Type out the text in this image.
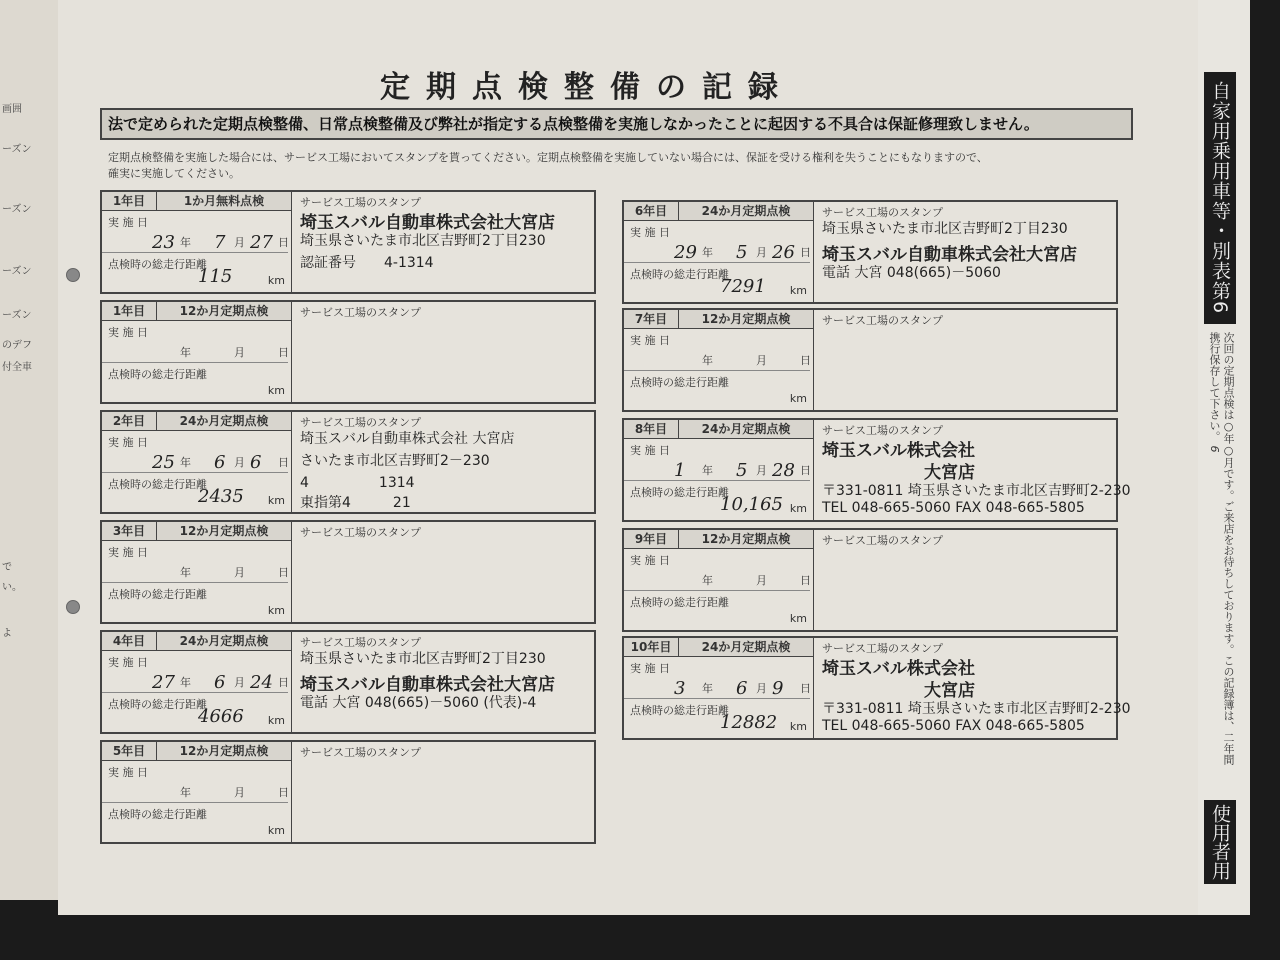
画囲
ーズン
ーズン
ーズン
ーズン
のデフ
付全車
で
い。
よ
定期点検整備の記録
法で定められた定期点検整備、日常点検整備及び弊社が指定する点検整備を実施しなかったことに起因する不具合は保証修理致しません。
定期点検整備を実施した場合には、サービス工場においてスタンプを貰ってください。定期点検整備を実施していない場合には、保証を受ける権利を失うことにもなりますので、
確実に実施してください。
1年目	1か月無料点検
実 施 日
23 年 7 月 27 日
点検時の総走行距離
115	km
サービス工場のスタンプ
埼玉スバル自動車株式会社大宮店
埼玉県さいたま市北区吉野町2丁目230
認証番号　　4-1314
1年目	12か月定期点検
実 施 日
年	月	日
点検時の総走行距離
km
サービス工場のスタンプ
2年目	24か月定期点検
実 施 日
25 年 6 月 6 日
点検時の総走行距離
2435 km
サービス工場のスタンプ
埼玉スバル自動車株式会社 大宮店
さいたま市北区吉野町2－230
4　　　　　1314
東指第4　　　21
3年目	12か月定期点検
実 施 日
年	月	日
点検時の総走行距離
km
サービス工場のスタンプ
4年目	24か月定期点検
実 施 日
27 年 6 月 24 日
点検時の総走行距離
4666 km
サービス工場のスタンプ
埼玉県さいたま市北区吉野町2丁目230
埼玉スバル自動車株式会社大宮店
電話 大宮 048(665)－5060 (代表)-4
5年目	12か月定期点検
実 施 日
年	月	日
点検時の総走行距離
km
サービス工場のスタンプ
6年目	24か月定期点検
実 施 日
29 年 5 月 26 日
点検時の総走行距離
7291 km
サービス工場のスタンプ
埼玉県さいたま市北区吉野町2丁目230
埼玉スバル自動車株式会社大宮店
電話 大宮 048(665)－5060
7年目	12か月定期点検
実 施 日
年	月	日
点検時の総走行距離
km
サービス工場のスタンプ
8年目	24か月定期点検
実 施 日
1 年 5 月 28 日
点検時の総走行距離
10,165 km
サービス工場のスタンプ
埼玉スバル株式会社
大宮店
〒331-0811 埼玉県さいたま市北区吉野町2-230
TEL 048-665-5060 FAX 048-665-5805
9年目	12か月定期点検
実 施 日
年	月	日
点検時の総走行距離
km
サービス工場のスタンプ
10年目	24か月定期点検
実 施 日
3 年 6 月 9 日
点検時の総走行距離
12882 km
サービス工場のスタンプ
埼玉スバル株式会社
大宮店
〒331-0811 埼玉県さいたま市北区吉野町2-230
TEL 048-665-5060 FAX 048-665-5805
自家用乗用車等・別表第6
次回の定期点検は○年○月です。ご来店をお待ちしております。この記録簿は、二年間携行保存して下さい。 6
使用者用
